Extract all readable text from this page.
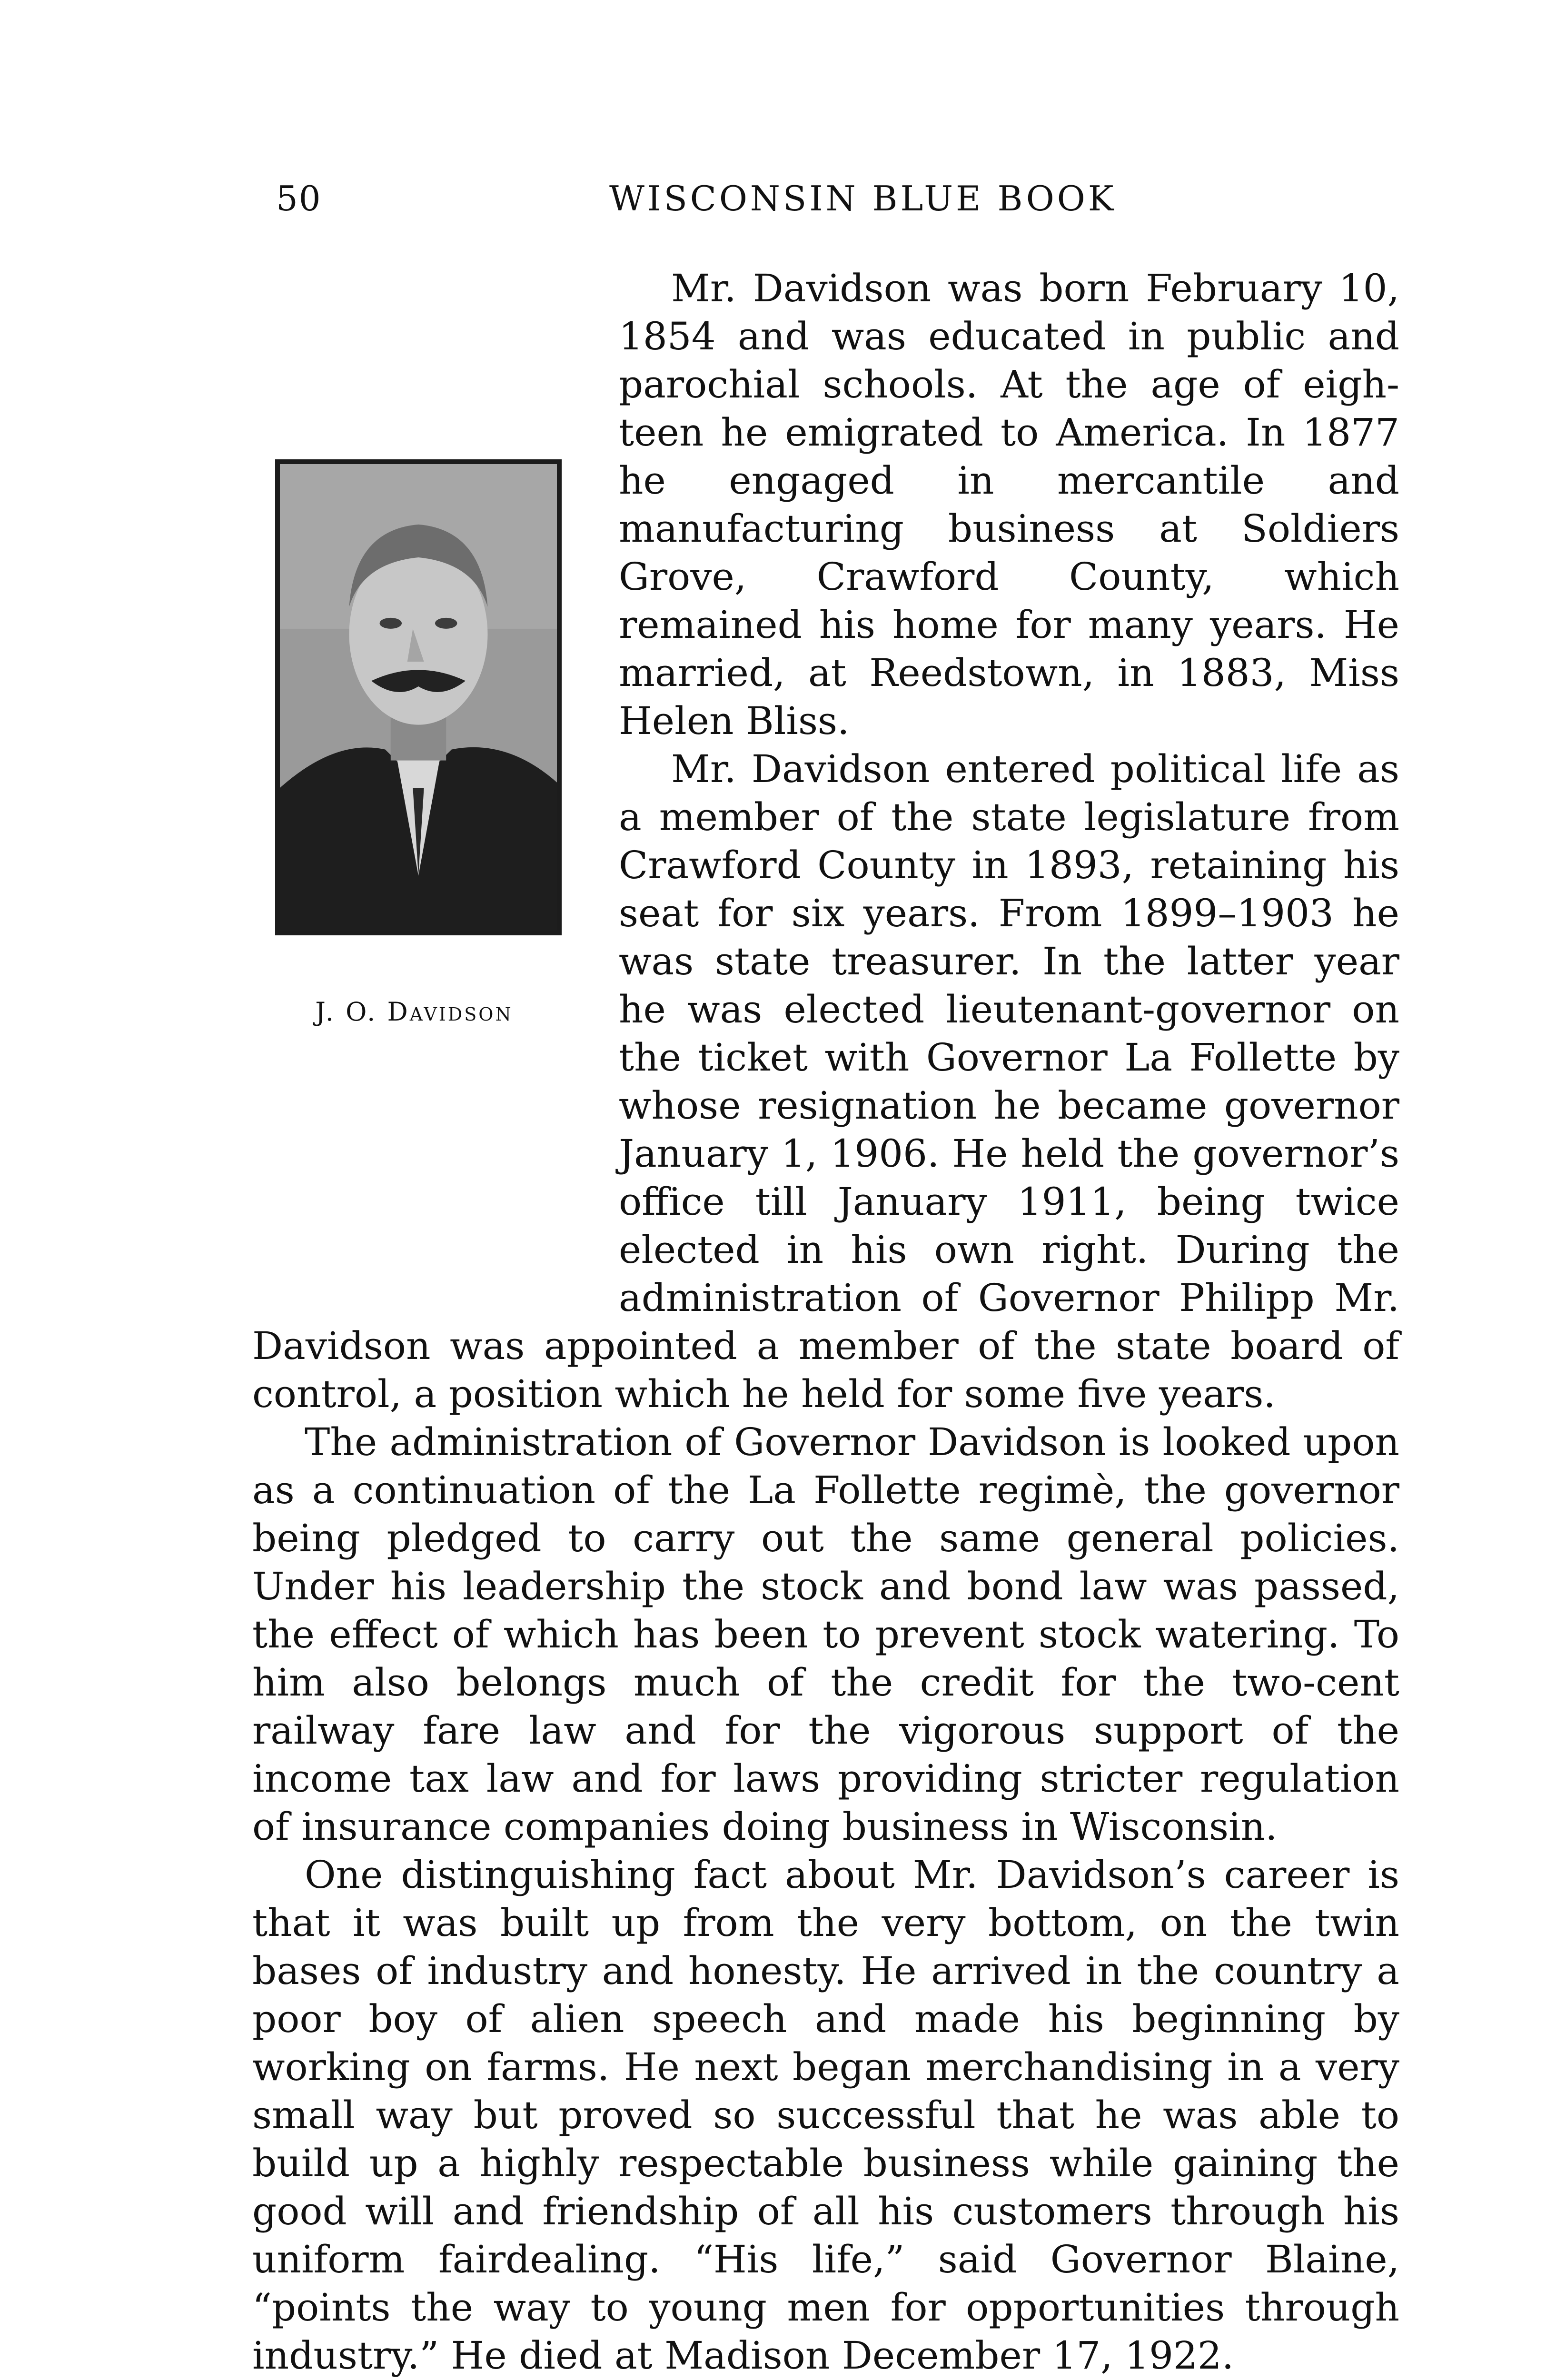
50	WISCONSIN BLUE BOOK
J. O. Davidson

Mr. Davidson was born February 10, 1854 and was educated in public and parochial schools. At the age of eighteen he emigrated to America. In 1877 he engaged in mercantile and manufacturing business at Soldiers Grove, Crawford County, which remained his home for many years. He married, at Reedstown, in 1883, Miss Helen Bliss.

Mr. Davidson entered political life as a member of the state legislature from Crawford County in 1893, retaining his seat for six years. From 1899–1903 he was state treasurer. In the latter year he was elected lieutenant-governor on the ticket with Governor La Follette by whose resignation he became governor January 1, 1906. He held the governor’s office till January 1911, being twice elected in his own right. During the administration of Governor Philipp Mr. Davidson was appointed a member of the state board of control, a position which he held for some five years.

The administration of Governor Davidson is looked upon as a continuation of the La Follette regimè, the governor being pledged to carry out the same general policies. Under his leadership the stock and bond law was passed, the effect of which has been to prevent stock watering. To him also belongs much of the credit for the two-cent railway fare law and for the vigorous support of the income tax law and for laws providing stricter regulation of insurance companies doing business in Wisconsin.

One distinguishing fact about Mr. Davidson’s career is that it was built up from the very bottom, on the twin bases of industry and honesty. He arrived in the country a poor boy of alien speech and made his beginning by working on farms. He next began merchandising in a very small way but proved so successful that he was able to build up a highly respectable business while gaining the good will and friendship of all his customers through his uniform fairdealing. “His life,” said Governor Blaine, “points the way to young men for opportunities through industry.” He died at Madison December 17, 1922.
